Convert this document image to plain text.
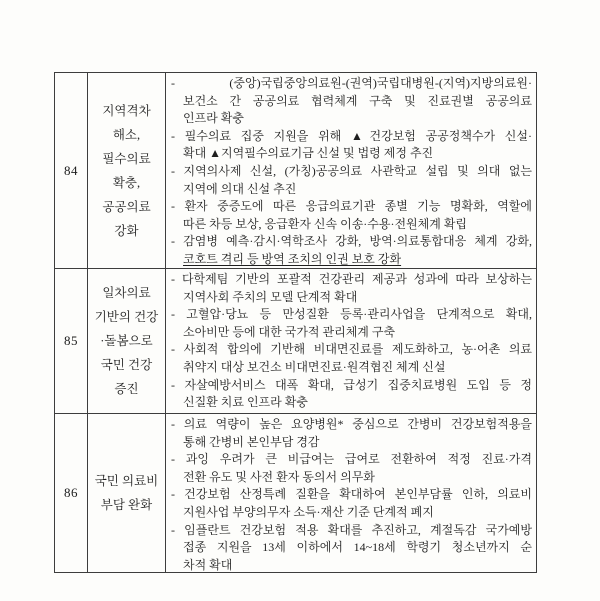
84
지역격차
해소,
필수의료
확충,
공공의료
강화
- (중앙)국립중앙의료원-(권역)국립대병원-(지역)지방의료원·
보건소 간 공공의료 협력체계 구축 및 진료권별 공공의료
인프라 확충
- 필수의료 집중 지원을 위해 ▲건강보험 공공정책수가 신설·
확대 ▲지역필수의료기금 신설 및 법령 제정 추진
- 지역의사제 신설, (가칭)공공의료 사관학교 설립 및 의대 없는
지역에 의대 신설 추진
- 환자 중증도에 따른 응급의료기관 종별 기능 명확화, 역할에
따른 차등 보상, 응급환자 신속 이송·수용·전원체계 확립
- 감염병 예측·감시·역학조사 강화, 방역·의료통합대응 체계 강화,
코호트 격리 등 방역 조치의 인권 보호 강화
85
일차의료
기반의 건강
·돌봄으로
국민 건강
증진
- 다학제팀 기반의 포괄적 건강관리 제공과 성과에 따라 보상하는
지역사회 주치의 모델 단계적 확대
- 고혈압·당뇨 등 만성질환 등록·관리사업을 단계적으로 확대,
소아비만 등에 대한 국가적 관리체계 구축
- 사회적 합의에 기반해 비대면진료를 제도화하고, 농·어촌 의료
취약지 대상 보건소 비대면진료·원격협진 체계 신설
- 자살예방서비스 대폭 확대, 급성기 집중치료병원 도입 등 정
신질환 치료 인프라 확충
86
국민 의료비
부담 완화
- 의료 역량이 높은 요양병원* 중심으로 간병비 건강보험적용을
통해 간병비 본인부담 경감
- 과잉 우려가 큰 비급여는 급여로 전환하여 적정 진료·가격
전환 유도 및 사전 환자 동의서 의무화
- 건강보험 산정특례 질환을 확대하여 본인부담률 인하, 의료비
지원사업 부양의무자 소득·재산 기준 단계적 폐지
- 임플란트 건강보험 적용 확대를 추진하고, 계절독감 국가예방
접종 지원을 13세 이하에서 14~18세 학령기 청소년까지 순
차적 확대
